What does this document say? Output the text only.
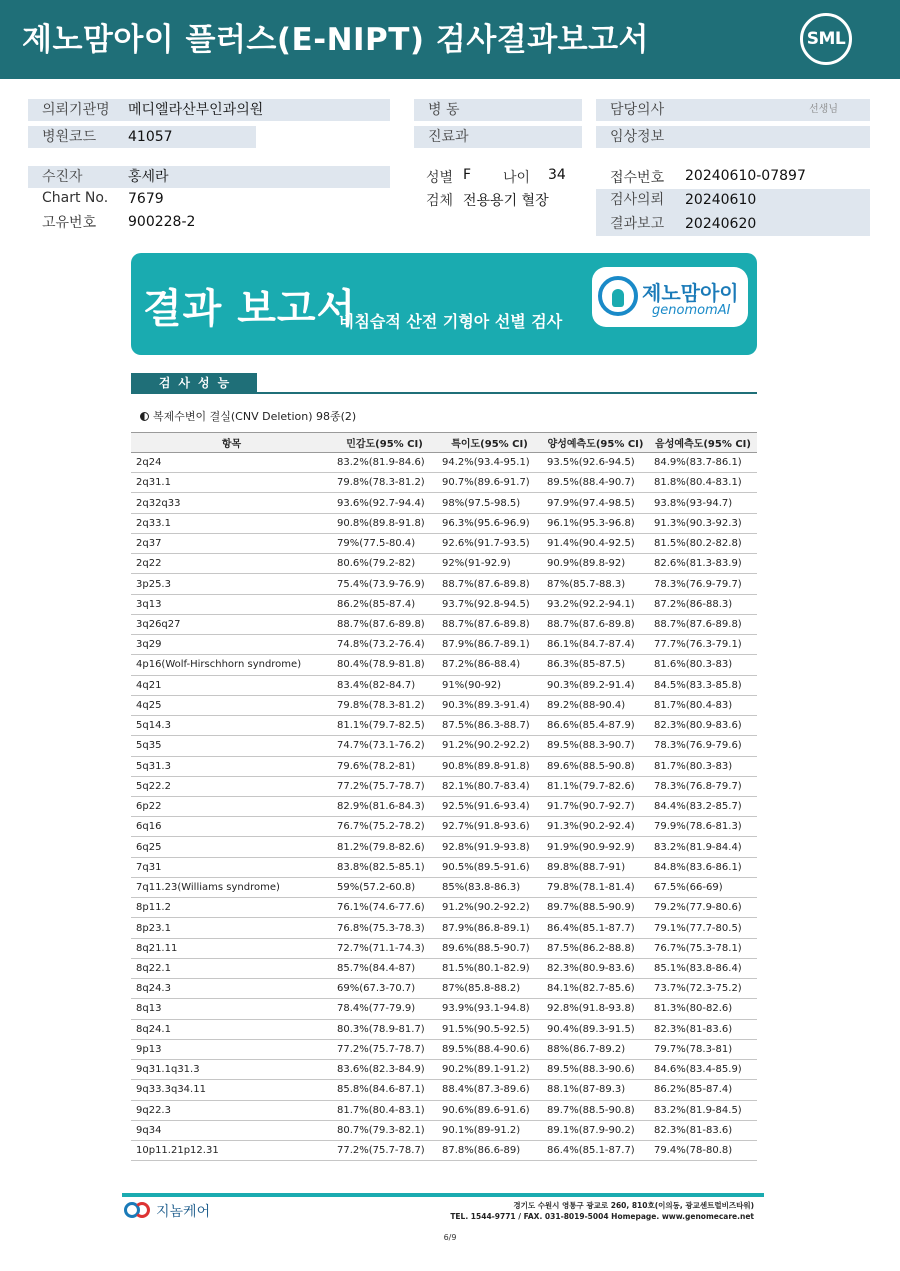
제노맘아이 플러스(E-NIPT) 검사결과보고서	SML
의뢰기관명 메디엘라산부인과의원	병 동	담당의사	선생님
병원코드 41057	진료과	임상정보
수진자	홍세라
Chart No. 7679
고유번호 900228-2
성별 F 나이 34
검체 전용용기 혈장
접수번호 20240610-07897
검사의뢰 20240610
결과보고 20240620
결과 보고서
비침습적 산전 기형아 선별 검사
제노맘아이
genomomAI
검사성능
복제수변이 결실(CNV Deletion) 98종(2)
항목	민감도(95% CI)	특이도(95% CI)	양성예측도(95% CI)	음성예측도(95% CI)
2q24	83.2%(81.9-84.6)	94.2%(93.4-95.1)	93.5%(92.6-94.5)	84.9%(83.7-86.1)
2q31.1	79.8%(78.3-81.2)	90.7%(89.6-91.7)	89.5%(88.4-90.7)	81.8%(80.4-83.1)
2q32q33	93.6%(92.7-94.4)	98%(97.5-98.5)	97.9%(97.4-98.5)	93.8%(93-94.7)
2q33.1	90.8%(89.8-91.8)	96.3%(95.6-96.9)	96.1%(95.3-96.8)	91.3%(90.3-92.3)
2q37	79%(77.5-80.4)	92.6%(91.7-93.5)	91.4%(90.4-92.5)	81.5%(80.2-82.8)
2q22	80.6%(79.2-82)	92%(91-92.9)	90.9%(89.8-92)	82.6%(81.3-83.9)
3p25.3	75.4%(73.9-76.9)	88.7%(87.6-89.8)	87%(85.7-88.3)	78.3%(76.9-79.7)
3q13	86.2%(85-87.4)	93.7%(92.8-94.5)	93.2%(92.2-94.1)	87.2%(86-88.3)
3q26q27	88.7%(87.6-89.8)	88.7%(87.6-89.8)	88.7%(87.6-89.8)	88.7%(87.6-89.8)
3q29	74.8%(73.2-76.4)	87.9%(86.7-89.1)	86.1%(84.7-87.4)	77.7%(76.3-79.1)
4p16(Wolf-Hirschhorn syndrome)	80.4%(78.9-81.8)	87.2%(86-88.4)	86.3%(85-87.5)	81.6%(80.3-83)
4q21	83.4%(82-84.7)	91%(90-92)	90.3%(89.2-91.4)	84.5%(83.3-85.8)
4q25	79.8%(78.3-81.2)	90.3%(89.3-91.4)	89.2%(88-90.4)	81.7%(80.4-83)
5q14.3	81.1%(79.7-82.5)	87.5%(86.3-88.7)	86.6%(85.4-87.9)	82.3%(80.9-83.6)
5q35	74.7%(73.1-76.2)	91.2%(90.2-92.2)	89.5%(88.3-90.7)	78.3%(76.9-79.6)
5q31.3	79.6%(78.2-81)	90.8%(89.8-91.8)	89.6%(88.5-90.8)	81.7%(80.3-83)
5q22.2	77.2%(75.7-78.7)	82.1%(80.7-83.4)	81.1%(79.7-82.6)	78.3%(76.8-79.7)
6p22	82.9%(81.6-84.3)	92.5%(91.6-93.4)	91.7%(90.7-92.7)	84.4%(83.2-85.7)
6q16	76.7%(75.2-78.2)	92.7%(91.8-93.6)	91.3%(90.2-92.4)	79.9%(78.6-81.3)
6q25	81.2%(79.8-82.6)	92.8%(91.9-93.8)	91.9%(90.9-92.9)	83.2%(81.9-84.4)
7q31	83.8%(82.5-85.1)	90.5%(89.5-91.6)	89.8%(88.7-91)	84.8%(83.6-86.1)
7q11.23(Williams syndrome)	59%(57.2-60.8)	85%(83.8-86.3)	79.8%(78.1-81.4)	67.5%(66-69)
8p11.2	76.1%(74.6-77.6)	91.2%(90.2-92.2)	89.7%(88.5-90.9)	79.2%(77.9-80.6)
8p23.1	76.8%(75.3-78.3)	87.9%(86.8-89.1)	86.4%(85.1-87.7)	79.1%(77.7-80.5)
8q21.11	72.7%(71.1-74.3)	89.6%(88.5-90.7)	87.5%(86.2-88.8)	76.7%(75.3-78.1)
8q22.1	85.7%(84.4-87)	81.5%(80.1-82.9)	82.3%(80.9-83.6)	85.1%(83.8-86.4)
8q24.3	69%(67.3-70.7)	87%(85.8-88.2)	84.1%(82.7-85.6)	73.7%(72.3-75.2)
8q13	78.4%(77-79.9)	93.9%(93.1-94.8)	92.8%(91.8-93.8)	81.3%(80-82.6)
8q24.1	80.3%(78.9-81.7)	91.5%(90.5-92.5)	90.4%(89.3-91.5)	82.3%(81-83.6)
9p13	77.2%(75.7-78.7)	89.5%(88.4-90.6)	88%(86.7-89.2)	79.7%(78.3-81)
9q31.1q31.3	83.6%(82.3-84.9)	90.2%(89.1-91.2)	89.5%(88.3-90.6)	84.6%(83.4-85.9)
9q33.3q34.11	85.8%(84.6-87.1)	88.4%(87.3-89.6)	88.1%(87-89.3)	86.2%(85-87.4)
9q22.3	81.7%(80.4-83.1)	90.6%(89.6-91.6)	89.7%(88.5-90.8)	83.2%(81.9-84.5)
9q34	80.7%(79.3-82.1)	90.1%(89-91.2)	89.1%(87.9-90.2)	82.3%(81-83.6)
10p11.21p12.31	77.2%(75.7-78.7)	87.8%(86.6-89)	86.4%(85.1-87.7)	79.4%(78-80.8)
지놈케어	경기도 수원시 영통구 광교로 260, 810호(이의동, 광교센트럴비즈타워)
TEL. 1544-9771 / FAX. 031-8019-5004 Homepage. www.genomecare.net
6/9
